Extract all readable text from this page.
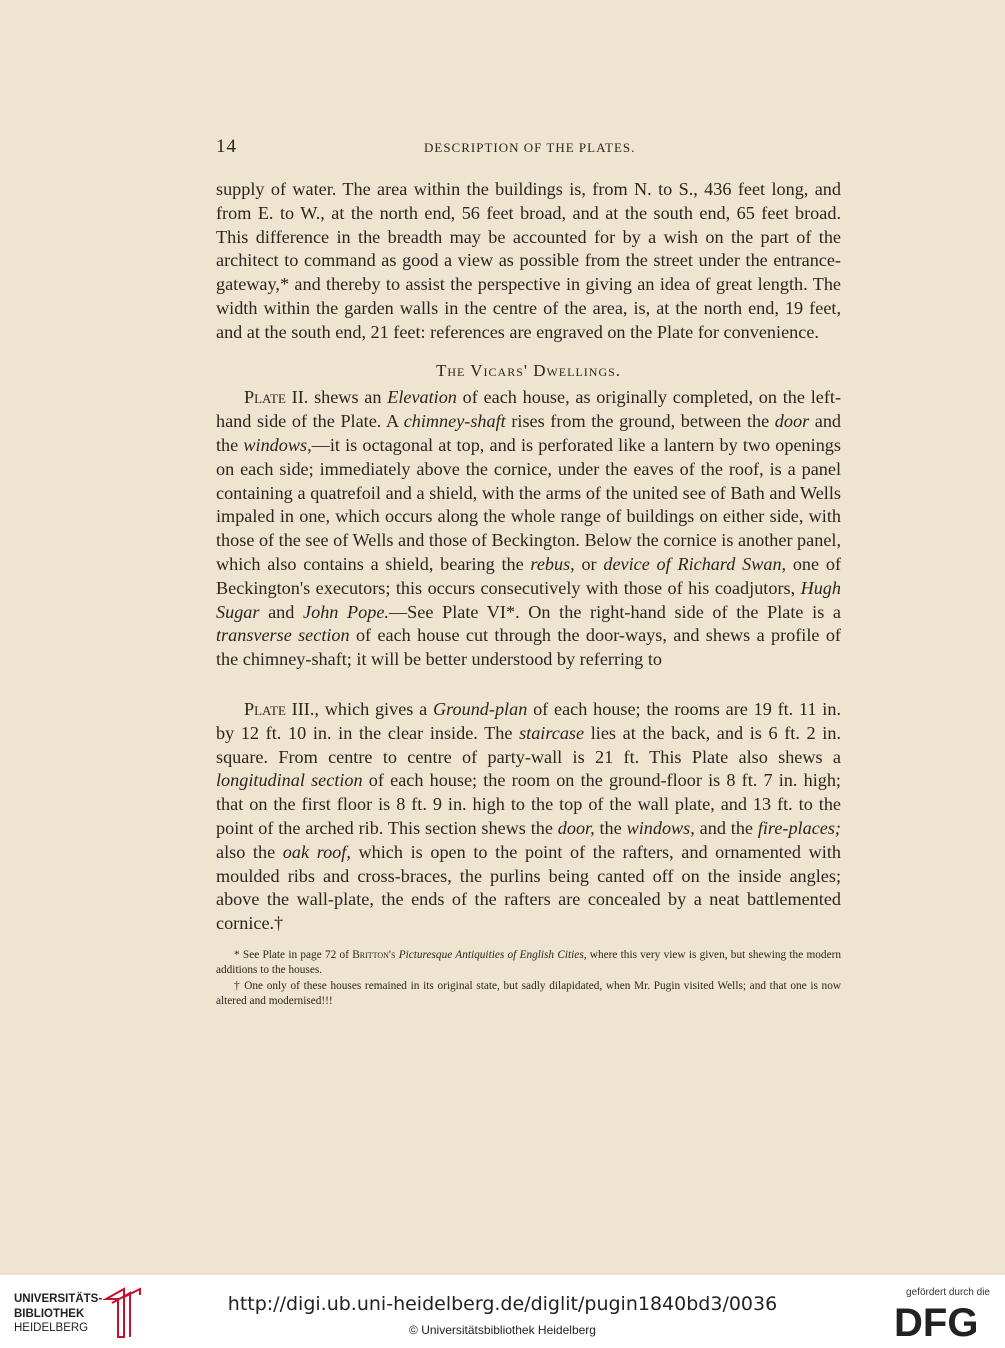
14	DESCRIPTION OF THE PLATES.

supply of water. The area within the buildings is, from N. to S., 436 feet long, and from E. to W., at the north end, 56 feet broad, and at the south end, 65 feet broad. This difference in the breadth may be accounted for by a wish on the part of the architect to command as good a view as possible from the street under the entrance-gateway,* and thereby to assist the perspective in giving an idea of great length. The width within the garden walls in the centre of the area, is, at the north end, 19 feet, and at the south end, 21 feet: references are engraved on the Plate for convenience.

The Vicars' Dwellings.

Plate II. shews an Elevation of each house, as originally completed, on the left-hand side of the Plate. A chimney-shaft rises from the ground, between the door and the windows,—it is octagonal at top, and is perforated like a lantern by two openings on each side; immediately above the cornice, under the eaves of the roof, is a panel containing a quatrefoil and a shield, with the arms of the united see of Bath and Wells impaled in one, which occurs along the whole range of buildings on either side, with those of the see of Wells and those of Beckington. Below the cornice is another panel, which also contains a shield, bearing the rebus, or device of Richard Swan, one of Beckington's executors; this occurs consecutively with those of his coadjutors, Hugh Sugar and John Pope.—See Plate VI*. On the right-hand side of the Plate is a transverse section of each house cut through the door-ways, and shews a profile of the chimney-shaft; it will be better understood by referring to

Plate III., which gives a Ground-plan of each house; the rooms are 19 ft. 11 in. by 12 ft. 10 in. in the clear inside. The staircase lies at the back, and is 6 ft. 2 in. square. From centre to centre of party-wall is 21 ft. This Plate also shews a longitudinal section of each house; the room on the ground-floor is 8 ft. 7 in. high; that on the first floor is 8 ft. 9 in. high to the top of the wall plate, and 13 ft. to the point of the arched rib. This section shews the door, the windows, and the fire-places; also the oak roof, which is open to the point of the rafters, and ornamented with moulded ribs and cross-braces, the purlins being canted off on the inside angles; above the wall-plate, the ends of the rafters are concealed by a neat battlemented cornice.†

* See Plate in page 72 of Britton's Picturesque Antiquities of English Cities, where this very view is given, but shewing the modern additions to the houses.

† One only of these houses remained in its original state, but sadly dilapidated, when Mr. Pugin visited Wells; and that one is now altered and modernised!!!

UNIVERSITÄTS-
BIBLIOTHEK
HEIDELBERG
http://digi.ub.uni-heidelberg.de/diglit/pugin1840bd3/0036
© Universitätsbibliothek Heidelberg
gefördert durch die
DFG
